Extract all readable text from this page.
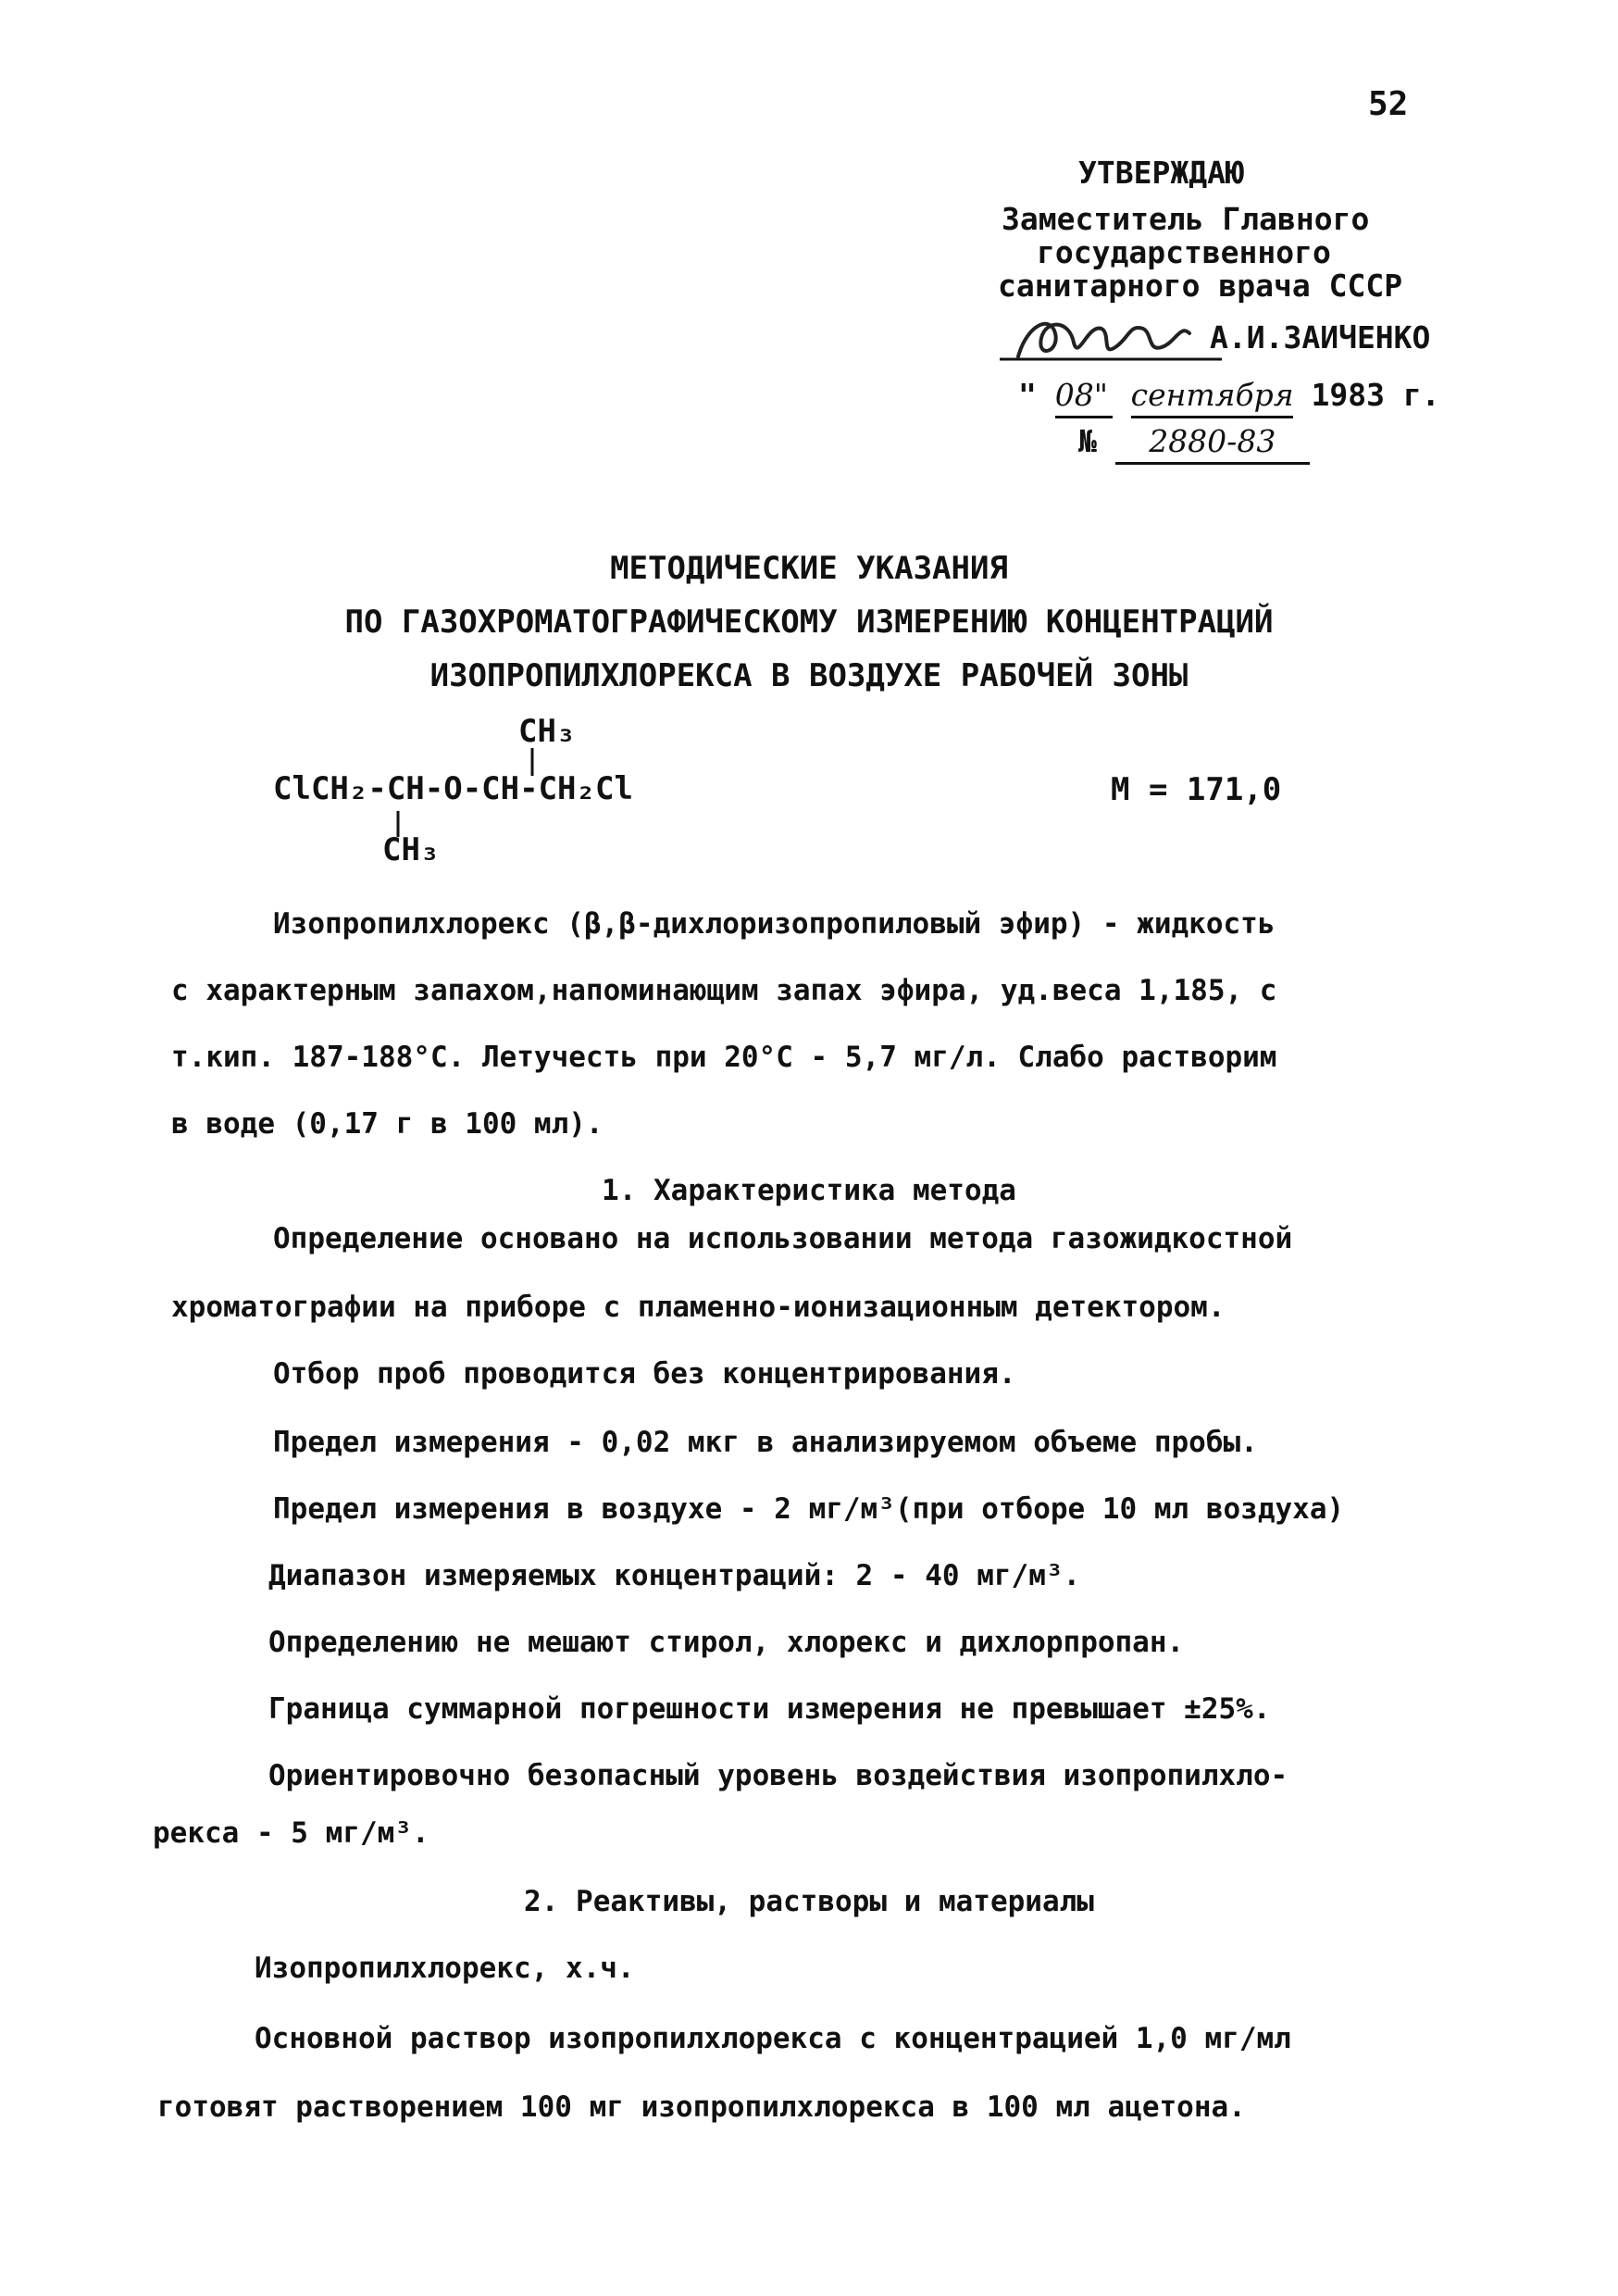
52
УТВЕРЖДАЮ
Заместитель Главного
государственного
санитарного врача СССР
А.И.ЗАИЧЕНКО
" 08" сентября 1983 г.
№ 2880-83
МЕТОДИЧЕСКИЕ УКАЗАНИЯ
ПО ГАЗОХРОМАТОГРАФИЧЕСКОМУ ИЗМЕРЕНИЮ КОНЦЕНТРАЦИЙ
ИЗОПРОПИЛХЛОРЕКСА В ВОЗДУХЕ РАБОЧЕЙ ЗОНЫ
CH₃
ClCH₂-CH-O-CH-CH₂Cl
CH₃
М = 171,0
Изопропилхлорекс (β,β-дихлоризопропиловый эфир) - жидкость
с характерным запахом,напоминающим запах эфира, уд.веса 1,185, с
т.кип. 187-188°С. Летучесть при 20°С - 5,7 мг/л. Слабо растворим
в воде (0,17 г в 100 мл).
1. Характеристика метода
Определение основано на использовании метода газожидкостной
хроматографии на приборе с пламенно-ионизационным детектором.
Отбор проб проводится без концентрирования.
Предел измерения - 0,02 мкг в анализируемом объеме пробы.
Предел измерения в воздухе - 2 мг/м³(при отборе 10 мл воздуха)
Диапазон измеряемых концентраций: 2 - 40 мг/м³.
Определению не мешают стирол, хлорекс и дихлорпропан.
Граница суммарной погрешности измерения не превышает ±25%.
Ориентировочно безопасный уровень воздействия изопропилхло-
рекса - 5 мг/м³.
2. Реактивы, растворы и материалы
Изопропилхлорекс, х.ч.
Основной раствор изопропилхлорекса с концентрацией 1,0 мг/мл
готовят растворением 100 мг изопропилхлорекса в 100 мл ацетона.
